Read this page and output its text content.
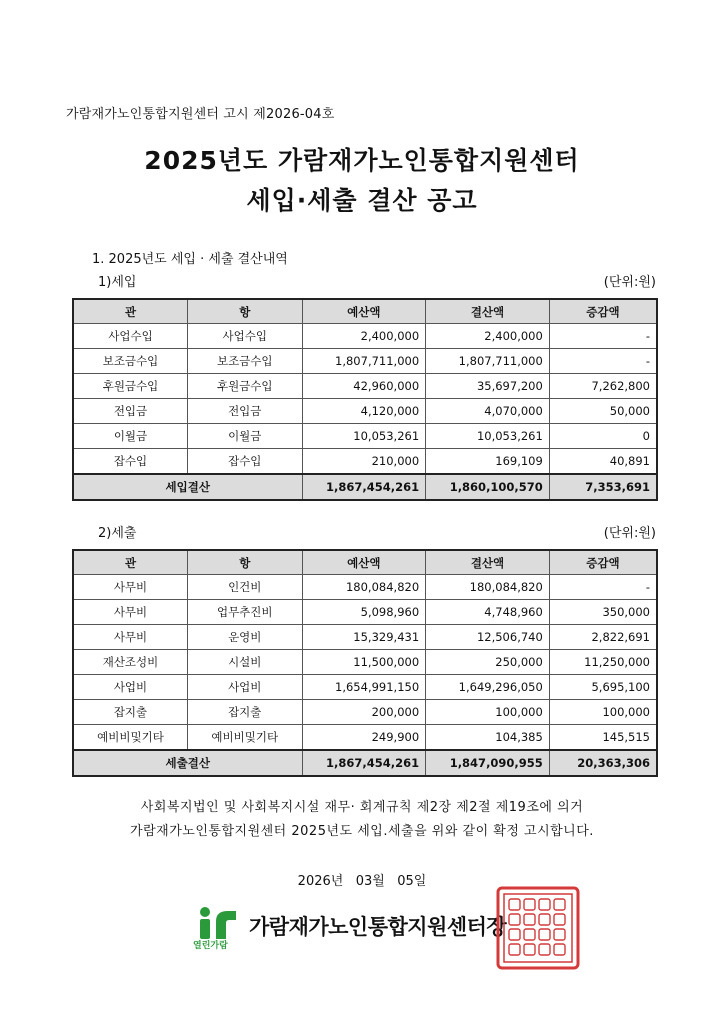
가람재가노인통합지원센터 고시 제2026-04호
2025년도 가람재가노인통합지원센터
세입·세출 결산 공고
1. 2025년도 세입 · 세출 결산내역
1)세입	(단위:원)
관	항	예산액	결산액	증감액
사업수입	사업수입	2,400,000	2,400,000	-
보조금수입	보조금수입	1,807,711,000	1,807,711,000	-
후원금수입	후원금수입	42,960,000	35,697,200	7,262,800
전입금	전입금	4,120,000	4,070,000	50,000
이월금	이월금	10,053,261	10,053,261	0
잡수입	잡수입	210,000	169,109	40,891
세입결산		1,867,454,261	1,860,100,570	7,353,691
2)세출	(단위:원)
관	항	예산액	결산액	증감액
사무비	인건비	180,084,820	180,084,820	-
사무비	업무추진비	5,098,960	4,748,960	350,000
사무비	운영비	15,329,431	12,506,740	2,822,691
재산조성비	시설비	11,500,000	250,000	11,250,000
사업비	사업비	1,654,991,150	1,649,296,050	5,695,100
잡지출	잡지출	200,000	100,000	100,000
예비비및기타	예비비및기타	249,900	104,385	145,515
세출결산		1,867,454,261	1,847,090,955	20,363,306
사회복지법인 및 사회복지시설 재무· 회계규칙 제2장 제2절 제19조에 의거
가람재가노인통합지원센터 2025년도 세입.세출을 위와 같이 확정 고시합니다.
2026년   03월   05일
열린가람
가람재가노인통합지원센터장
